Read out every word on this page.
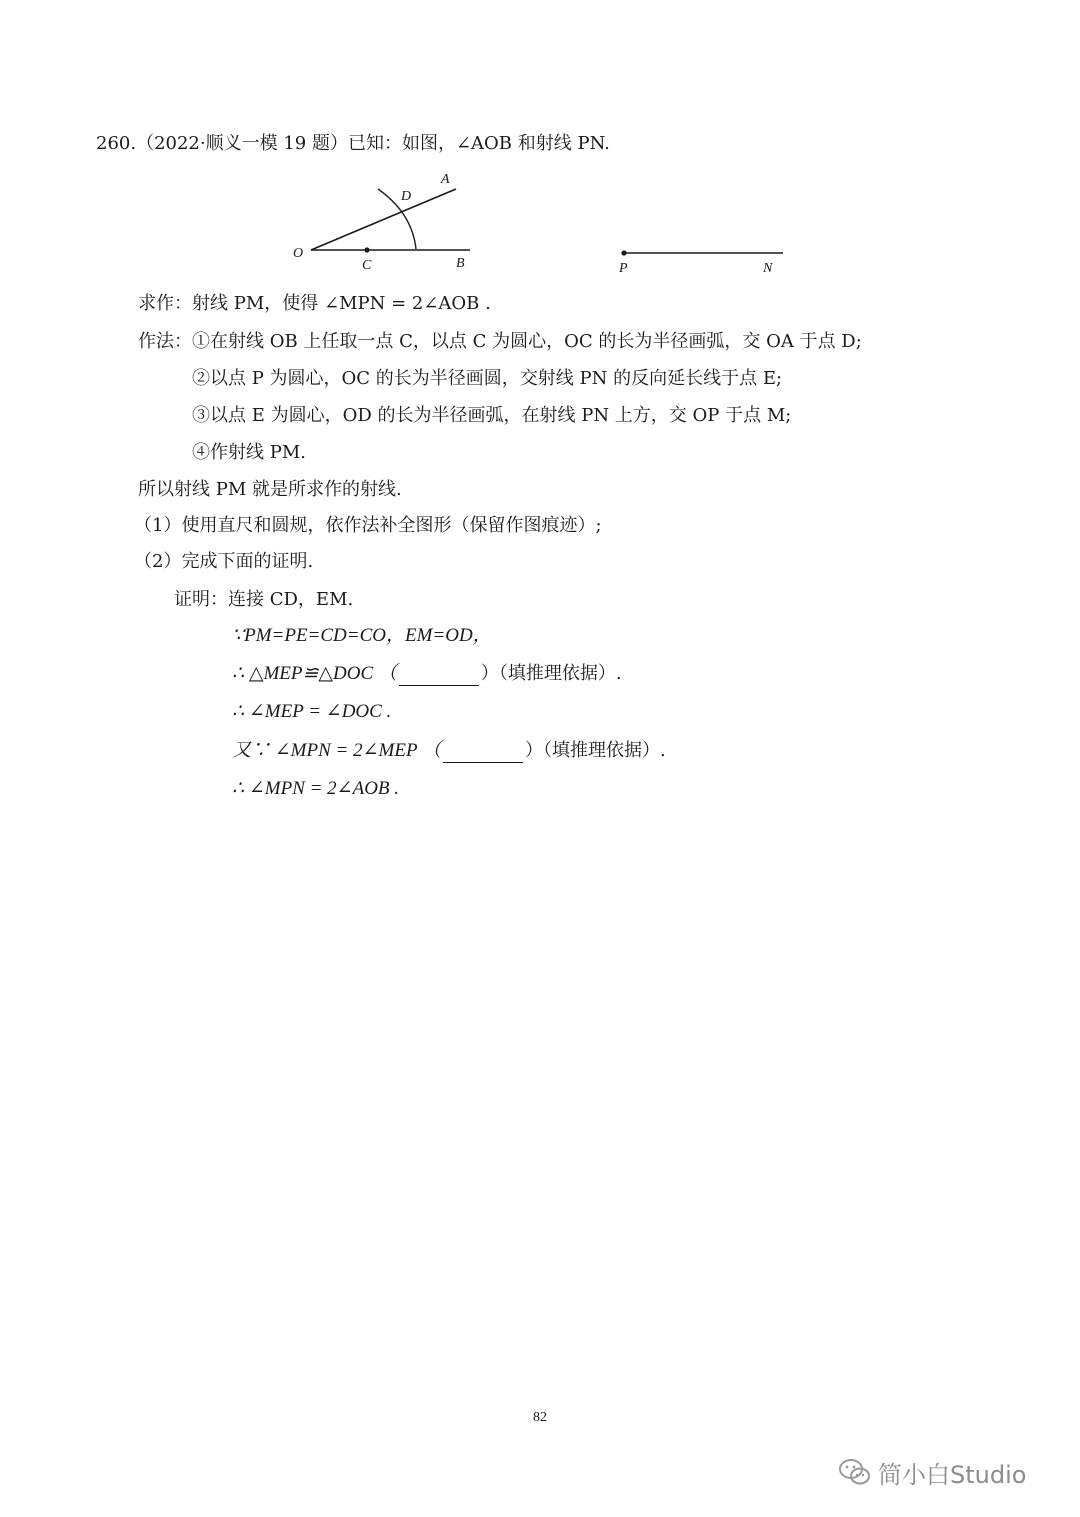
260.（2022·顺义一模 19 题）已知：如图，∠AOB 和射线 PN.
O
D
A
C	B	P	N
求作：射线 PM，使得 ∠MPN = 2∠AOB .
作法： ①在射线 OB 上任取一点 C，以点 C 为圆心，OC 的长为半径画弧，交 OA 于点 D;
②以点 P 为圆心，OC 的长为半径画圆，交射线 PN 的反向延长线于点 E;
③以点 E 为圆心，OD 的长为半径画弧，在射线 PN 上方，交 OP 于点 M;
④作射线 PM.
所以射线 PM 就是所求作的射线.
（1）使用直尺和圆规，依作法补全图形（保留作图痕迹）;
（2）完成下面的证明.
证明：连接 CD，EM.
∵PM=PE=CD=CO，EM=OD，
∴ △MEP≌△DOC （	）（填推理依据）.
∴ ∠MEP = ∠DOC .
又∵ ∠MPN = 2∠MEP （	）（填推理依据）.
∴ ∠MPN = 2∠AOB .
82
简小白Studio
